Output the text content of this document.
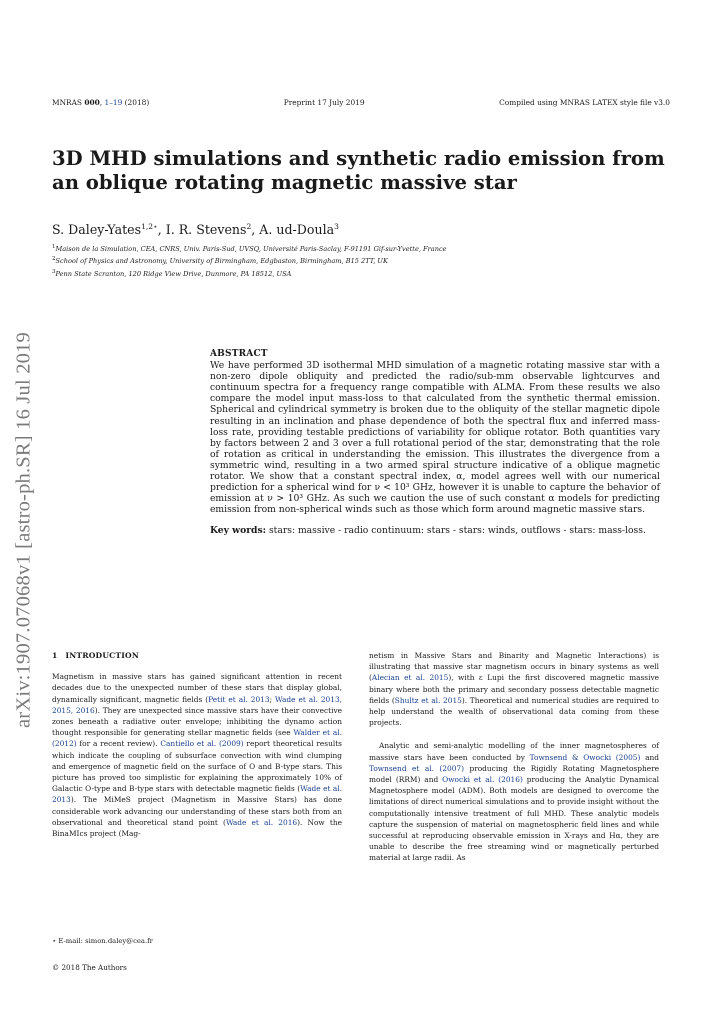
MNRAS 000, 1–19 (2018)	Preprint 17 July 2019	Compiled using MNRAS LATEX style file v3.0
arXiv:1907.07068v1 [astro-ph.SR] 16 Jul 2019
3D MHD simulations and synthetic radio emission from an oblique rotating magnetic massive star
S. Daley-Yates$^{1,2⋆}$, I. R. Stevens$^2$, A. ud-Doula$^3$
$^1$Maison de la Simulation, CEA, CNRS, Univ. Paris-Sud, UVSQ, Université Paris-Saclay, F-91191 Gif-sur-Yvette, France
$^2$School of Physics and Astronomy, University of Birmingham, Edgbaston, Birmingham, B15 2TT, UK
$^3$Penn State Scranton, 120 Ridge View Drive, Dunmore, PA 18512, USA
ABSTRACT

We have performed 3D isothermal MHD simulation of a magnetic rotating massive star with a non-zero dipole obliquity and predicted the radio/sub-mm observable lightcurves and continuum spectra for a frequency range compatible with ALMA. From these results we also compare the model input mass-loss to that calculated from the synthetic thermal emission. Spherical and cylindrical symmetry is broken due to the obliquity of the stellar magnetic dipole resulting in an inclination and phase dependence of both the spectral flux and inferred mass-loss rate, providing testable predictions of variability for oblique rotator. Both quantities vary by factors between 2 and 3 over a full rotational period of the star, demonstrating that the role of rotation as critical in understanding the emission. This illustrates the divergence from a symmetric wind, resulting in a two armed spiral structure indicative of a oblique magnetic rotator. We show that a constant spectral index, α, model agrees well with our numerical prediction for a spherical wind for ν < 10³ GHz, however it is unable to capture the behavior of emission at ν > 10³ GHz. As such we caution the use of such constant α models for predicting emission from non-spherical winds such as those which form around magnetic massive stars.

Key words: stars: massive - radio continuum: stars - stars: winds, outflows - stars: mass-loss.

1 INTRODUCTION

Magnetism in massive stars has gained significant attention in recent decades due to the unexpected number of these stars that display global, dynamically significant, magnetic fields (Petit et al. 2013; Wade et al. 2013, 2015, 2016). They are unexpected since massive stars have their convective zones beneath a radiative outer envelope; inhibiting the dynamo action thought responsible for generating stellar magnetic fields (see Walder et al. (2012) for a recent review). Cantiello et al. (2009) report theoretical results which indicate the coupling of subsurface convection with wind clumping and emergence of magnetic field on the surface of O and B-type stars. This picture has proved too simplistic for explaining the approximately 10% of Galactic O-type and B-type stars with detectable magnetic fields (Wade et al. 2013). The MiMeS project (Magnetism in Massive Stars) has done considerable work advancing our understanding of these stars both from an observational and theoretical stand point (Wade et al. 2016). Now the BinaMIcs project (Mag-

netism in Massive Stars and Binarity and Magnetic Interactions) is illustrating that massive star magnetism occurs in binary systems as well (Alecian et al. 2015), with ε Lupi the first discovered magnetic massive binary where both the primary and secondary possess detectable magnetic fields (Shultz et al. 2015). Theoretical and numerical studies are required to help understand the wealth of observational data coming from these projects.

Analytic and semi-analytic modelling of the inner magnetospheres of massive stars have been conducted by Townsend & Owocki (2005) and Townsend et al. (2007) producing the Rigidly Rotating Magnetosphere model (RRM) and Owocki et al. (2016) producing the Analytic Dynamical Magnetosphere model (ADM). Both models are designed to overcome the limitations of direct numerical simulations and to provide insight without the computationally intensive treatment of full MHD. These analytic models capture the suspension of material on magnetospheric field lines and while successful at reproducing observable emission in X-rays and Hα, they are unable to describe the free streaming wind or magnetically perturbed material at large radii. As

⋆ E-mail: simon.daley@cea.fr
© 2018 The Authors
